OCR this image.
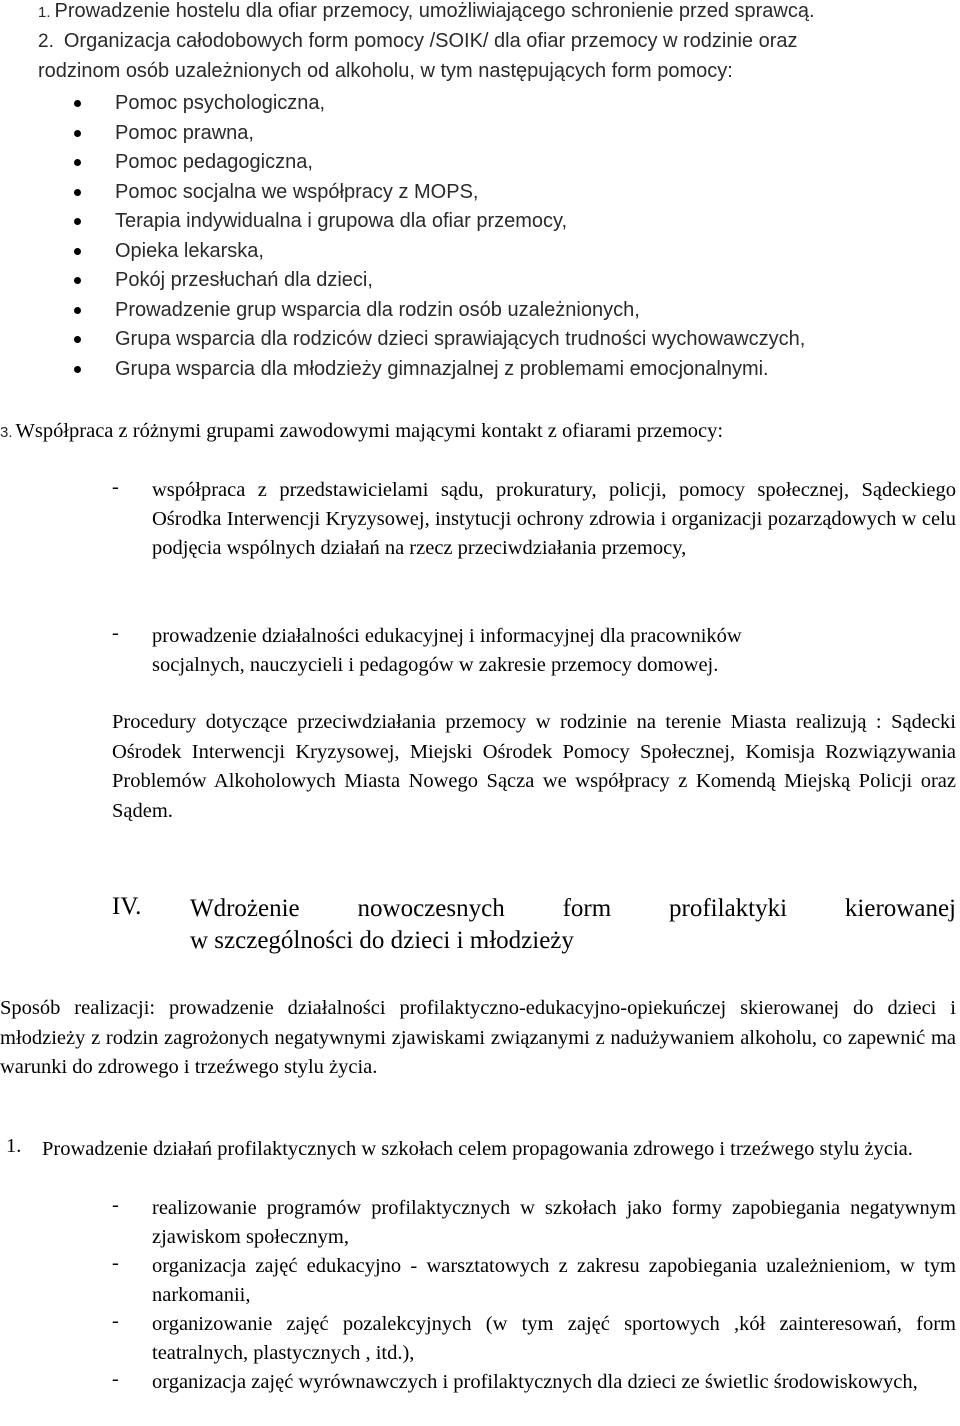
1. Prowadzenie hostelu dla ofiar przemocy, umożliwiającego schronienie przed sprawcą.
2. Organizacja całodobowych form pomocy /SOIK/ dla ofiar przemocy w rodzinie oraz
rodzinom osób uzależnionych od alkoholu, w tym następujących form pomocy:
Pomoc psychologiczna,
Pomoc prawna,
Pomoc pedagogiczna,
Pomoc socjalna we współpracy z MOPS,
Terapia indywidualna i grupowa dla ofiar przemocy,
Opieka lekarska,
Pokój przesłuchań dla dzieci,
Prowadzenie grup wsparcia dla rodzin osób uzależnionych,
Grupa wsparcia dla rodziców dzieci sprawiających trudności wychowawczych,
Grupa wsparcia dla młodzieży gimnazjalnej z problemami emocjonalnymi.
3. Współpraca z różnymi grupami zawodowymi mającymi kontakt z ofiarami przemocy:
- współpraca z przedstawicielami sądu, prokuratury, policji, pomocy społecznej, Sądeckiego Ośrodka Interwencji Kryzysowej, instytucji ochrony zdrowia i organizacji pozarządowych w celu podjęcia wspólnych działań na rzecz przeciwdziałania przemocy,
- prowadzenie działalności edukacyjnej i informacyjnej dla pracowników
socjalnych, nauczycieli i pedagogów w zakresie przemocy domowej.
Procedury dotyczące przeciwdziałania przemocy w rodzinie na terenie Miasta realizują : Sądecki Ośrodek Interwencji Kryzysowej, Miejski Ośrodek Pomocy Społecznej, Komisja Rozwiązywania Problemów Alkoholowych Miasta Nowego Sącza we współpracy z Komendą Miejską Policji oraz Sądem.
IV. Wdrożenie nowoczesnych form profilaktyki kierowanej
w szczególności do dzieci i młodzieży
Sposób realizacji: prowadzenie działalności profilaktyczno-edukacyjno-opiekuńczej skierowanej do dzieci i młodzieży z rodzin zagrożonych negatywnymi zjawiskami związanymi z nadużywaniem alkoholu, co zapewnić ma warunki do zdrowego i trzeźwego stylu życia.
1. Prowadzenie działań profilaktycznych w szkołach celem propagowania zdrowego i trzeźwego stylu życia.
- realizowanie programów profilaktycznych w szkołach jako formy zapobiegania negatywnym zjawiskom społecznym,
- organizacja zajęć edukacyjno - warsztatowych z zakresu zapobiegania uzależnieniom, w tym narkomanii,
- organizowanie zajęć pozalekcyjnych (w tym zajęć sportowych ,kół zainteresowań, form teatralnych, plastycznych , itd.),
- organizacja zajęć wyrównawczych i profilaktycznych dla dzieci ze świetlic środowiskowych,
